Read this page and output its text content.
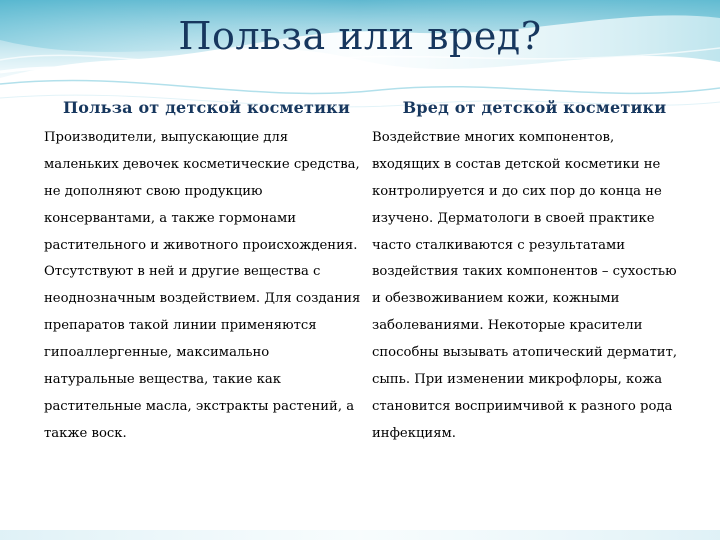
Польза или вред?
Польза от детской косметики
Производители, выпускающие для
маленьких девочек косметические средства,
не дополняют свою продукцию
консервантами, а также гормонами
растительного и животного происхождения.
Отсутствуют в ней и другие вещества с
неоднозначным воздействием. Для создания
препаратов такой линии применяются
гипоаллергенные, максимально
натуральные вещества, такие как
растительные масла, экстракты растений, а
также воск.
Вред от детской косметики
Воздействие многих компонентов,
входящих в состав детской косметики не
контролируется и до сих пор до конца не
изучено. Дерматологи в своей практике
часто сталкиваются с результатами
воздействия таких компонентов – сухостью
и обезвоживанием кожи, кожными
заболеваниями. Некоторые красители
способны вызывать атопический дерматит,
сыпь. При изменении микрофлоры, кожа
становится восприимчивой к разного рода
инфекциям.
